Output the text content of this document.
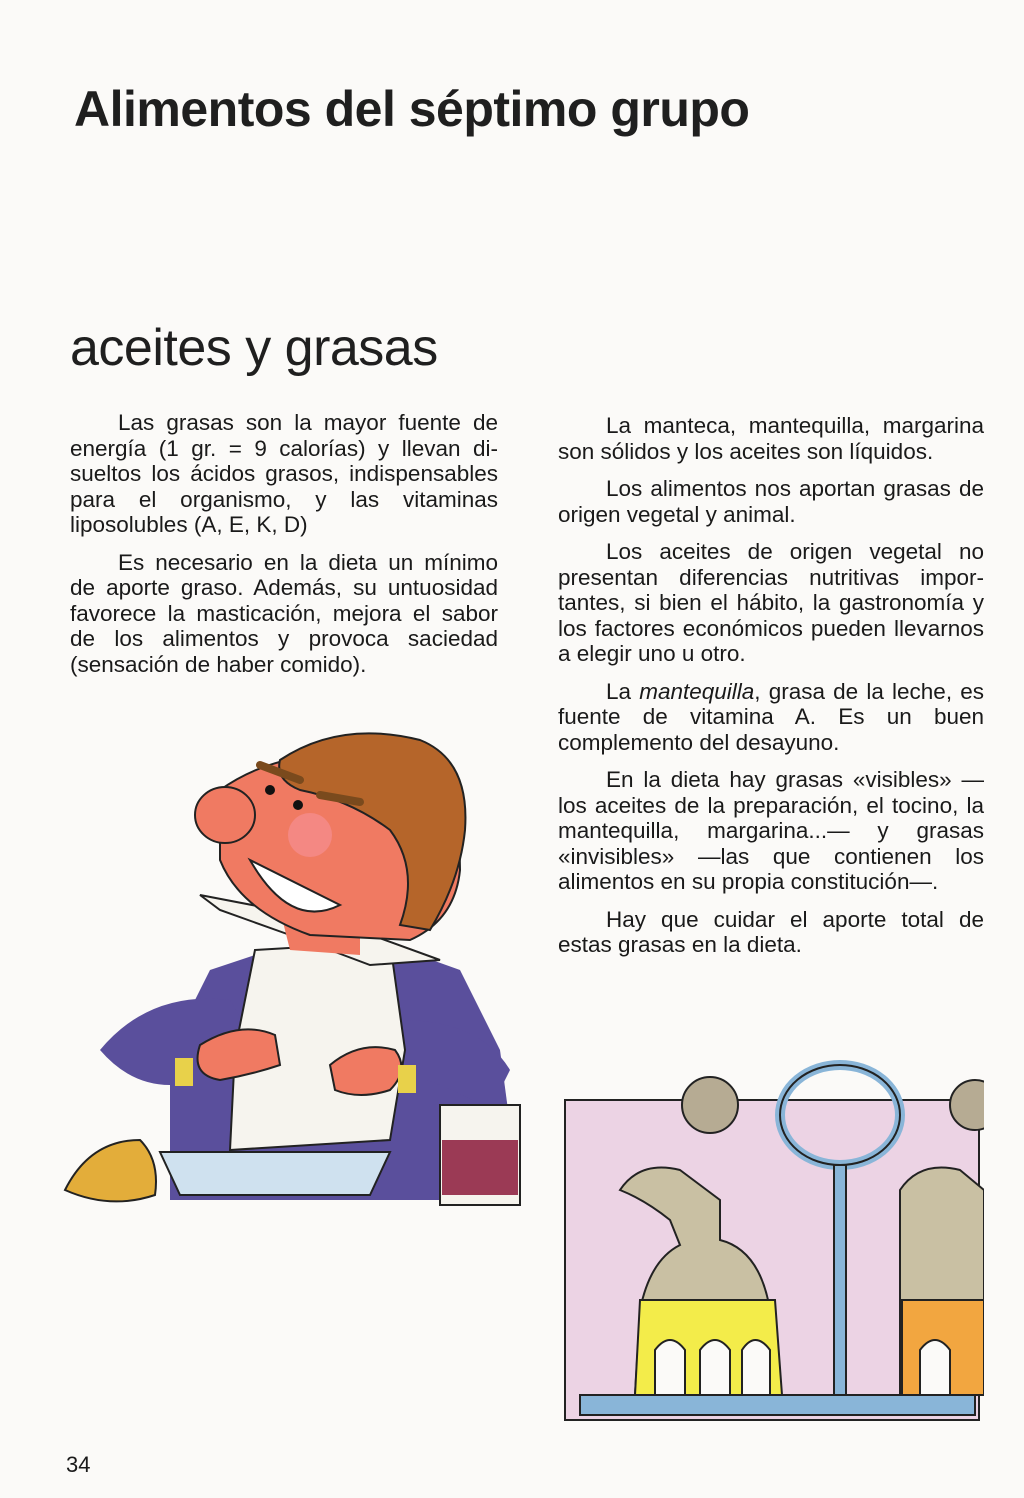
Alimentos del séptimo grupo
aceites y grasas

Las grasas son la mayor fuente de energía (1 gr. = 9 calorías) y llevan disueltos los ácidos grasos, indispensables para el organismo, y las vitaminas liposolubles (A, E, K, D)

Es necesario en la dieta un mínimo de aporte graso. Además, su untuosidad favorece la masticación, mejora el sabor de los alimentos y provoca saciedad (sensación de haber comido).

La manteca, mantequilla, margarina son sólidos y los aceites son líquidos.

Los alimentos nos aportan grasas de origen vegetal y animal.

Los aceites de origen vegetal no presentan diferencias nutritivas importantes, si bien el hábito, la gastronomía y los factores económicos pueden llevarnos a elegir uno u otro.

La mantequilla, grasa de la leche, es fuente de vitamina A. Es un buen complemento del desayuno.

En la dieta hay grasas «visibles» —los aceites de la preparación, el tocino, la mantequilla, margarina...— y grasas «invisibles» —las que contienen los alimentos en su propia constitución—.

Hay que cuidar el aporte total de estas grasas en la dieta.

34
